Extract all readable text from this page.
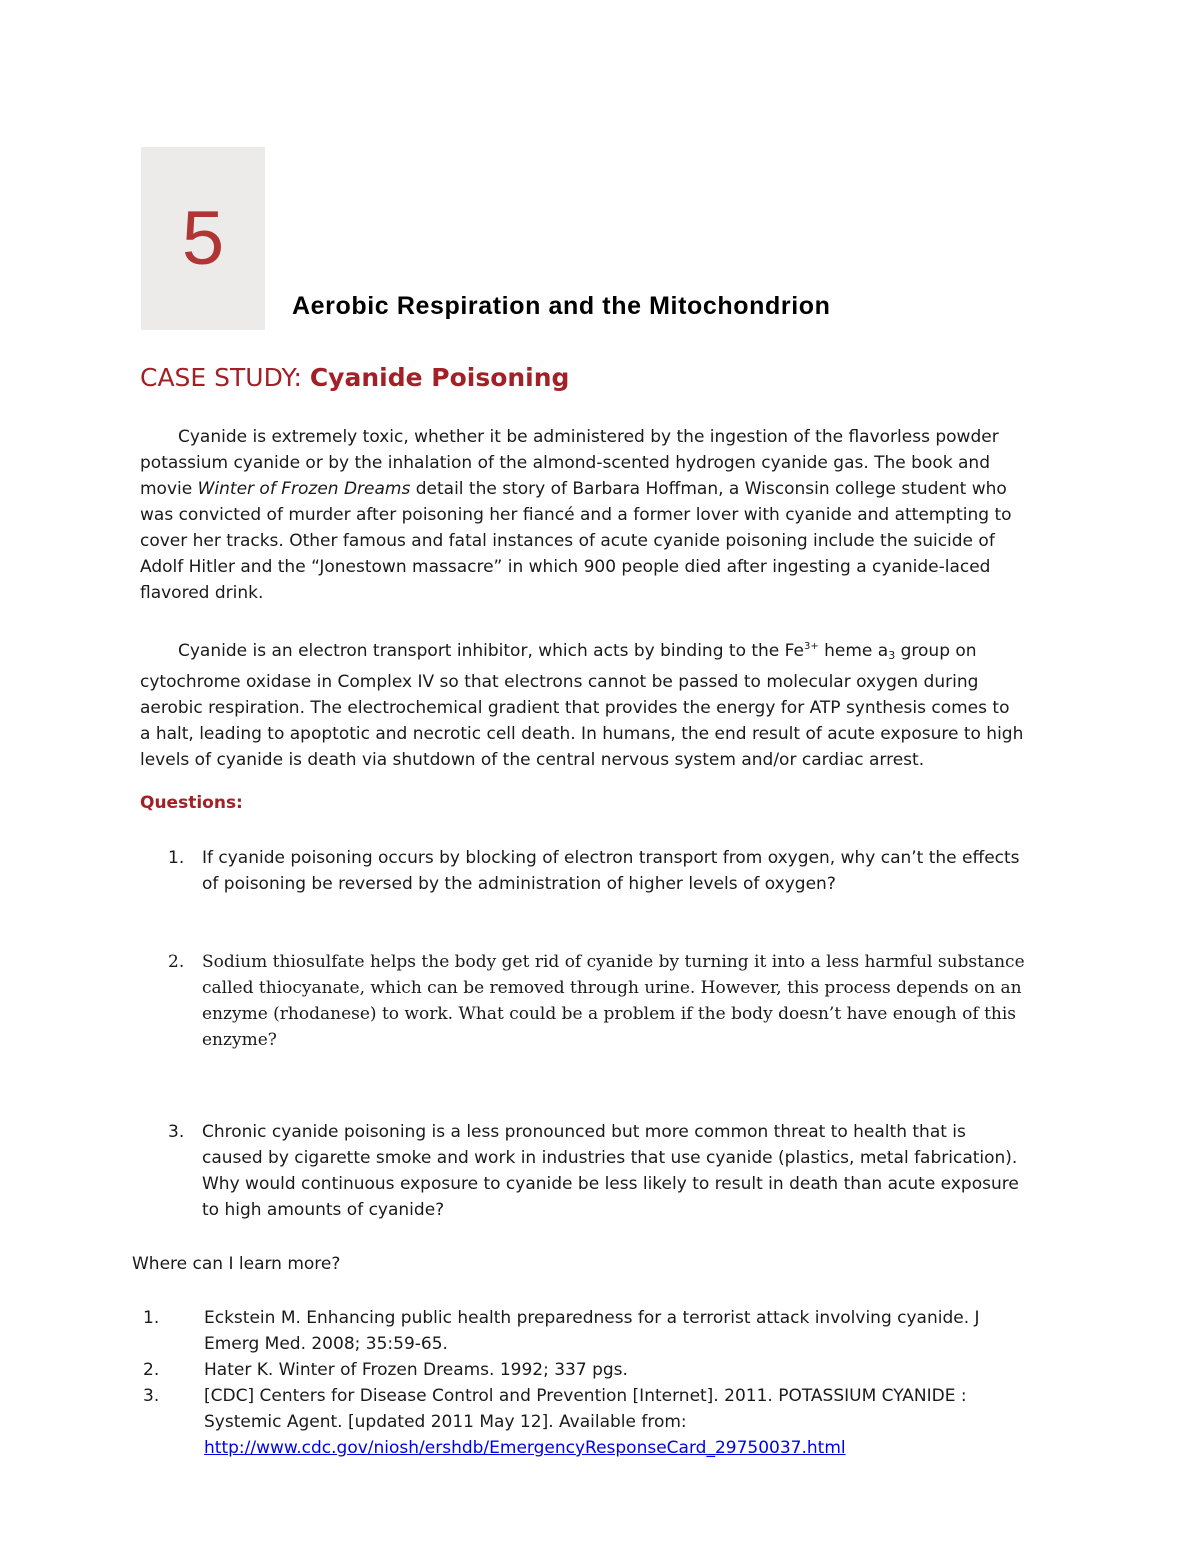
5
Aerobic Respiration and the Mitochondrion
CASE STUDY: Cyanide Poisoning
Cyanide is extremely toxic, whether it be administered by the ingestion of the flavorless powder
potassium cyanide or by the inhalation of the almond-scented hydrogen cyanide gas. The book and
movie Winter of Frozen Dreams detail the story of Barbara Hoffman, a Wisconsin college student who
was convicted of murder after poisoning her fiancé and a former lover with cyanide and attempting to
cover her tracks. Other famous and fatal instances of acute cyanide poisoning include the suicide of
Adolf Hitler and the “Jonestown massacre” in which 900 people died after ingesting a cyanide-laced
flavored drink.
Cyanide is an electron transport inhibitor, which acts by binding to the $Fe^{3+}$ heme $a_3$ group on
cytochrome oxidase in Complex IV so that electrons cannot be passed to molecular oxygen during
aerobic respiration. The electrochemical gradient that provides the energy for ATP synthesis comes to
a halt, leading to apoptotic and necrotic cell death. In humans, the end result of acute exposure to high
levels of cyanide is death via shutdown of the central nervous system and/or cardiac arrest.
Questions:
1. If cyanide poisoning occurs by blocking of electron transport from oxygen, why can’t the effects
of poisoning be reversed by the administration of higher levels of oxygen?
2. Sodium thiosulfate helps the body get rid of cyanide by turning it into a less harmful substance
called thiocyanate, which can be removed through urine. However, this process depends on an
enzyme (rhodanese) to work. What could be a problem if the body doesn’t have enough of this
enzyme?
3. Chronic cyanide poisoning is a less pronounced but more common threat to health that is
caused by cigarette smoke and work in industries that use cyanide (plastics, metal fabrication).
Why would continuous exposure to cyanide be less likely to result in death than acute exposure
to high amounts of cyanide?
Where can I learn more?
1.	Eckstein M. Enhancing public health preparedness for a terrorist attack involving cyanide. J
Emerg Med. 2008; 35:59-65.
2.	Hater K. Winter of Frozen Dreams. 1992; 337 pgs.
3.	[CDC] Centers for Disease Control and Prevention [Internet]. 2011. POTASSIUM CYANIDE :
Systemic Agent. [updated 2011 May 12]. Available from:
http://www.cdc.gov/niosh/ershdb/EmergencyResponseCard_29750037.html
